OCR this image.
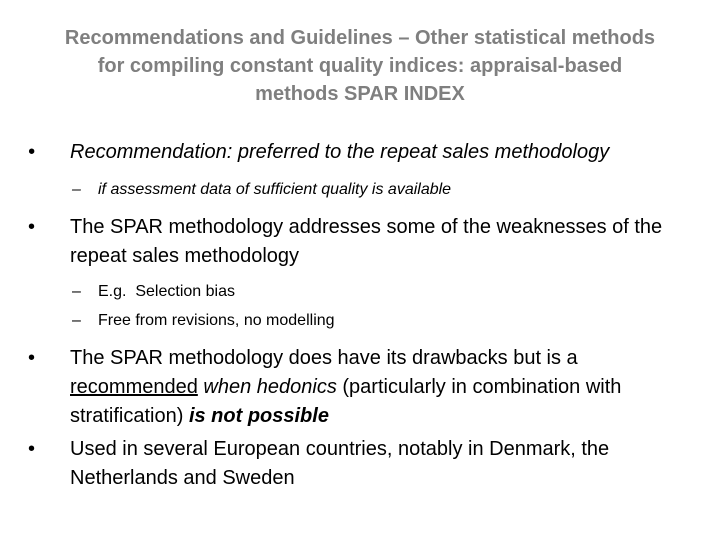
Recommendations and Guidelines – Other statistical methods
for compiling constant quality indices: appraisal-based
methods SPAR INDEX
• Recommendation: preferred to the repeat sales methodology
– if assessment data of sufficient quality is available
• The SPAR methodology addresses some of the weaknesses of the repeat sales methodology
– E.g.  Selection bias
– Free from revisions, no modelling
• The SPAR methodology does have its drawbacks but is a recommended when hedonics (particularly in combination with stratification) is not possible
• Used in several European countries, notably in Denmark, the Netherlands and Sweden
